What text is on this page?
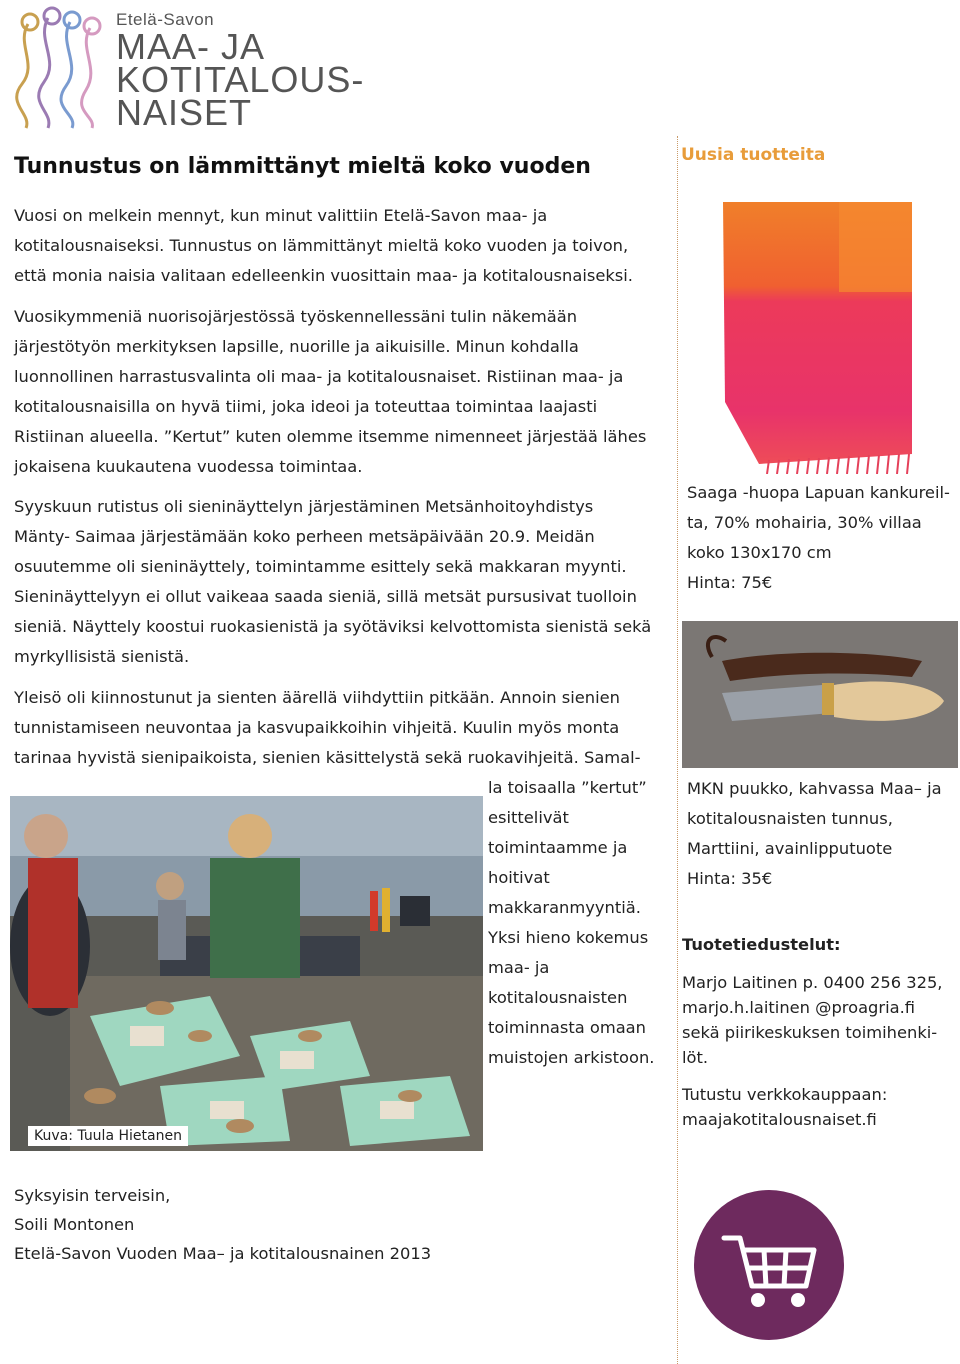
Etelä-Savon
MAA- JA
KOTITALOUS-
NAISET
Tunnustus on lämmittänyt mieltä koko vuoden

Vuosi on melkein mennyt, kun minut valittiin Etelä-Savon maa- ja kotitalousnaiseksi. Tunnustus on lämmittänyt mieltä koko vuoden ja toivon, että monia naisia valitaan edelleenkin vuosittain maa- ja kotitalousnaiseksi.

Vuosikymmeniä nuorisojärjestössä työskennellessäni tulin näkemään järjestötyön merkityksen lapsille, nuorille ja aikuisille. Minun kohdalla luonnollinen harrastusvalinta oli maa- ja kotitalousnaiset. Ristiinan maa- ja kotitalousnaisilla on hyvä tiimi, joka ideoi ja toteuttaa toimintaa laajasti Ristiinan alueella. ”Kertut” kuten olemme itsemme nimenneet järjestää lähes jokaisena kuukautena vuodessa toimintaa.

Syyskuun rutistus oli sieninäyttelyn järjestäminen Metsänhoitoyhdistys Mänty- Saimaa järjestämään koko perheen metsäpäivään 20.9. Meidän osuutemme oli sieninäyttely, toimintamme esittely sekä makkaran myynti. Sieninäyttelyyn ei ollut vaikeaa saada sieniä, sillä metsät pursusivat tuolloin sieniä. Näyttely koostui ruokasienistä ja syötäviksi kelvottomista sienistä sekä myrkyllisistä sienistä.

Yleisö oli kiinnostunut ja sienten äärellä viihdyttiin pitkään. Annoin sienien tunnistamiseen neuvontaa ja kasvupaikkoihin vihjeitä. Kuulin myös monta tarinaa hyvistä sienipaikoista, sienien käsittelystä sekä ruokavihjeitä. Samal-

la toisaalla ”kertut” esittelivät toimintaamme ja hoitivat makkaranmyyntiä. Yksi hieno kokemus maa- ja kotitalousnaisten toiminnasta omaan muistojen arkistoon.

Kuva: Tuula Hietanen
Syksyisin terveisin,
Soili Montonen
Etelä-Savon Vuoden Maa– ja kotitalousnainen 2013
Uusia tuotteita
Saaga -huopa Lapuan kankureil-
ta, 70% mohairia, 30% villaa
koko 130x170 cm
Hinta: 75€
MKN puukko, kahvassa Maa– ja
kotitalousnaisten tunnus,
Marttiini, avainlipputuote
Hinta: 35€
Tuotetiedustelut:
Marjo Laitinen p. 0400 256 325,
marjo.h.laitinen @proagria.fi
sekä piirikeskuksen toimihenki-
löt.
Tutustu verkkokauppaan:
maajakotitalousnaiset.fi
